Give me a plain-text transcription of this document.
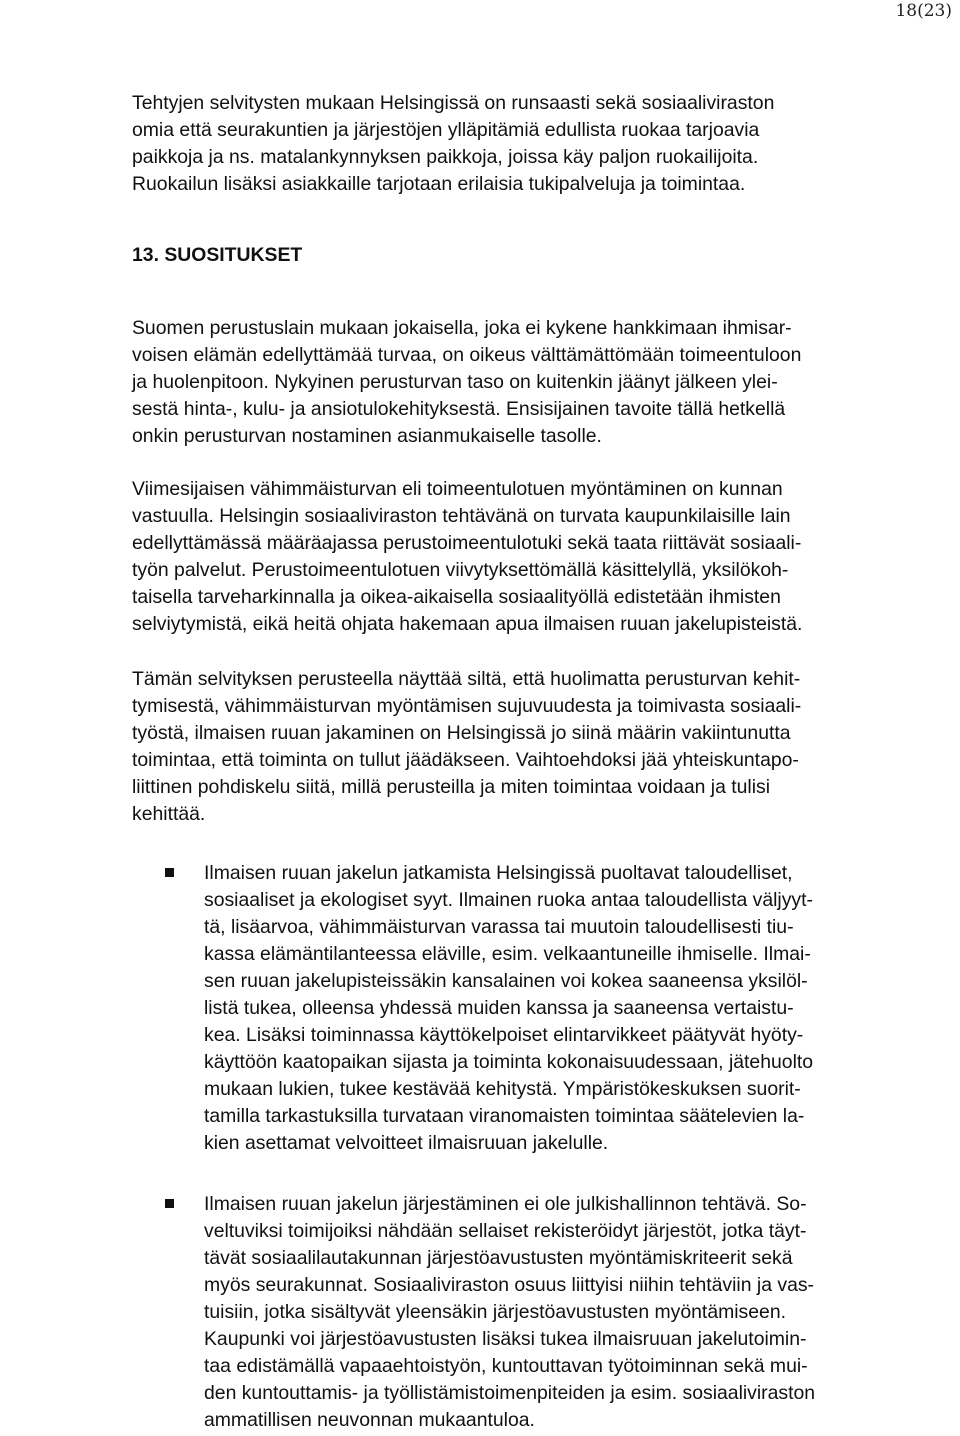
18(23)
Tehtyjen selvitysten mukaan Helsingissä on runsaasti sekä sosiaaliviraston
omia että seurakuntien ja järjestöjen ylläpitämiä edullista ruokaa tarjoavia
paikkoja ja ns. matalankynnyksen paikkoja, joissa käy paljon ruokailijoita.
Ruokailun lisäksi asiakkaille tarjotaan erilaisia tukipalveluja ja toimintaa.
13. SUOSITUKSET
Suomen perustuslain mukaan jokaisella, joka ei kykene hankkimaan ihmisar-
voisen elämän edellyttämää turvaa, on oikeus välttämättömään toimeentuloon
ja huolenpitoon. Nykyinen perusturvan taso on kuitenkin jäänyt jälkeen ylei-
sestä hinta-, kulu- ja ansiotulokehityksestä. Ensisijainen tavoite tällä hetkellä
onkin perusturvan nostaminen asianmukaiselle tasolle.
Viimesijaisen vähimmäisturvan eli toimeentulotuen myöntäminen on kunnan
vastuulla. Helsingin sosiaaliviraston tehtävänä on turvata kaupunkilaisille lain
edellyttämässä määräajassa perustoimeentulotuki sekä taata riittävät sosiaali-
työn palvelut. Perustoimeentulotuen viivytyksettömällä käsittelyllä, yksilökoh-
taisella tarveharkinnalla ja oikea-aikaisella sosiaalityöllä edistetään ihmisten
selviytymistä, eikä heitä ohjata hakemaan apua ilmaisen ruuan jakelupisteistä.
Tämän selvityksen perusteella näyttää siltä, että huolimatta perusturvan kehit-
tymisestä, vähimmäisturvan myöntämisen sujuvuudesta ja toimivasta sosiaali-
työstä, ilmaisen ruuan jakaminen on Helsingissä jo siinä määrin vakiintunutta
toimintaa, että toiminta on tullut jäädäkseen. Vaihtoehdoksi jää yhteiskuntapo-
liittinen pohdiskelu siitä, millä perusteilla ja miten toimintaa voidaan ja tulisi
kehittää.
Ilmaisen ruuan jakelun jatkamista Helsingissä puoltavat taloudelliset,
sosiaaliset ja ekologiset syyt. Ilmainen ruoka antaa taloudellista väljyyt-
tä, lisäarvoa, vähimmäisturvan varassa tai muutoin taloudellisesti tiu-
kassa elämäntilanteessa eläville, esim. velkaantuneille ihmiselle. Ilmai-
sen ruuan jakelupisteissäkin kansalainen voi kokea saaneensa yksilöl-
listä tukea, olleensa yhdessä muiden kanssa ja saaneensa vertaistu-
kea. Lisäksi toiminnassa käyttökelpoiset elintarvikkeet päätyvät hyöty-
käyttöön kaatopaikan sijasta ja toiminta kokonaisuudessaan, jätehuolto
mukaan lukien, tukee kestävää kehitystä. Ympäristökeskuksen suorit-
tamilla tarkastuksilla turvataan viranomaisten toimintaa säätelevien la-
kien asettamat velvoitteet ilmaisruuan jakelulle.
Ilmaisen ruuan jakelun järjestäminen ei ole julkishallinnon tehtävä. So-
veltuviksi toimijoiksi nähdään sellaiset rekisteröidyt järjestöt, jotka täyt-
tävät sosiaalilautakunnan järjestöavustusten myöntämiskriteerit sekä
myös seurakunnat. Sosiaaliviraston osuus liittyisi niihin tehtäviin ja vas-
tuisiin, jotka sisältyvät yleensäkin järjestöavustusten myöntämiseen.
Kaupunki voi järjestöavustusten lisäksi tukea ilmaisruuan jakelutoimin-
taa edistämällä vapaaehtoistyön, kuntouttavan työtoiminnan sekä mui-
den kuntouttamis- ja työllistämistoimenpiteiden ja esim. sosiaaliviraston
ammatillisen neuvonnan mukaantuloa.
